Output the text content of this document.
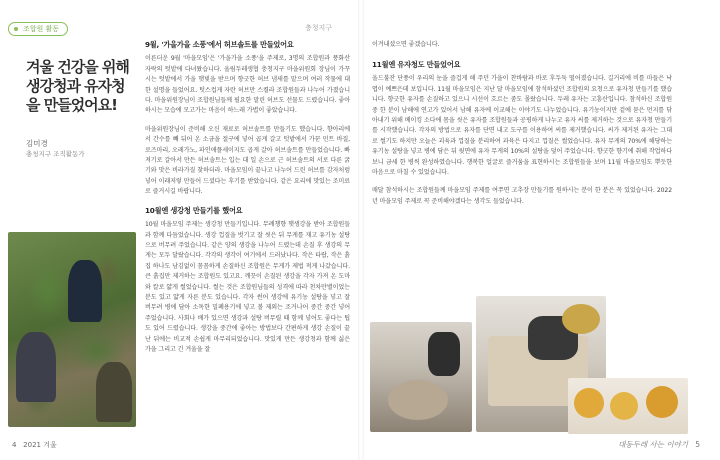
조합원 활동	충청지구
겨울 건강을 위해 생강청과 유자청을 만들었어요!
김미경
충청지구 조직활동가
9월, '가을가을 소풍'에서 허브솔트를 만들었어요

이른더운 9월 '마을모임'은 '가을가을 소풍'을 주제로, 3명의 조합원과 풍화산 자락의 텃밭에 다녀왔습니다. 올림두레생협 충청지구 마을위원회 장님이 가꾸시는 텃밭에서 가을 햇빛을 받으며 향긋한 허브 냄새를 맡으며 여러 작물에 대한 설명을 들었어요. 텃스컵게 자란 허브만 스켤라 조합원들과 나누어 가졌습니다. 마을위원장님이 조합원님들께 필요한 말린 허브도 선물도 드렸습니다. 좋아하시는 모습에 모고가는 마음이 하느래 가볍이 좋았습니다.

마을위원장님이 준비해 오신 재료로 허브솔트를 만들기도 했습니다. 향아리에서 간수를 빼 뒤어 온 소금을 절구에 넣어 곱게 갈고 텃밭에서 가꾼 민트 바질, 로즈마리, 오레가노, 파인애플세이지도 곱게 갈아 허브솔트를 만들었습니다. 빠져기로 갈아서 만든 허브솔트는 입는 대 일 손으로 근 허브솔트의 서로 다른 굵기와 맛은 비라가질 찾하더라. 마을모임이 끝나고 나누어 드린 허브를 감자처럼 넣어 이래저렇 만들어 드셨다는 후기를 받았습니다. 같은 요리에 맛있는 조미료로 즐거시길 바랍니다.

10월엔 생강청 만들기를 했어요

10월 마을모임 주제는 생강청 만들기입니다. 무례챙향 햇생강을 받아 조합원들과 함께 다듬었습니다. 생강 껍질을 벗기고 잘 씻은 뒤 무게를 재고 유기농 설탕으로 버무려 주었습니다. 같은 양의 생강을 나누어 드렸는데 손질 후 생강의 무게는 모두 달랐습니다. 각각의 생각이 여기에서 드러났나다. 작은 타랍, 작은 흙집 하나도 남김없이 꼼꼼하게 손질하신 조합원은 무게가 제법 적게 나갔습니다. 큰 흙집만 제거하는 조합원도 있고요. 깨끗이 손질된 생강을 각자 가져 온 도마와 칼로 얇게 썰었습니다. 썰는 것은 조합원님들의 성격에 따라 천차만별이었는 분도 있고 얇게 자른 분도 있습니다. 각자 썬어 생강에 유기농 설탕을 넣고 잘 버무려 병에 담아 소독한 밀폐용기에 넣고 볼 제외는 조거나어 중간 중간 넣어 주었습니다. 사회나 배가 있으면 생강과 설탕 버무릴 때 함께 넣어도 좋다는 팁도 있어 드렸습니다. 생강을 중간에 좋아는 방법보다 간편하게 생강 손질이 끝난 뒤에는 비교적 손쉽게 마무리되었습니다. 맛있게 만든 생강청과 함께 싫은 가을 그리고 긴 겨울을 잘

4 2021 겨울

이겨내셨으면 좋겠습니다.

11월엔 유자청도 만들었어요

올드불잔 단풍이 우리의 눈을 즐겁게 해 주던 가을이 찬바람과 바로 후두둑 떨어졌습니다. 길거리에 비를 마들은 낙엽이 예쁘은데 보입니다. 11월 마을모임은 지난 달 마을모임에 참석하셨던 조합원의 요청으로 유자청 만들기를 했습니다. 향긋한 유자를 손질하고 있으니 시선이 흐르는 줌도 몰랐습니다. 두레 유자는 고흥산입니다. 참석하신 조합원 중 한 분이 남해에 연고가 있어서 남해 유자에 이교해는 이야기도 나누었습니다. 유기농이지만 겉에 묻은 먼지를 닦아내기 위해 베이킹 소다에 몸을 씻은 유자를 조합원들과 공평하게 나누고 유자 씨를 제거하는 것으로 유자청 만들기를 시작했습니다. 각자의 방법으로 유자를 단면 내고 도구를 이용하여 씨를 제거했습니다. 씨가 제거된 유자는 그대로 썰기도 하지만 오늘은 괴육과 껍질을 분리하여 과육은 다지고 껍질은 썰었습니다. 유자 무게의 70%에 해당하는 유기농 설탕을 넣고 병에 담은 뒤 윗면에 유자 무게의 10%의 설탕을 덮어 주었습니다. 향긋한 향기에 취해 작업하다 보니 금세 한 병씩 완성하였습니다. 행복한 얼굴로 즐거움을 표현하시는 조합원들을 보며 11월 마을모임도 뿌듯한 마음으로 마칠 수 있었습니다.

매달 참석하시는 조합원들께 마을모임 주제를 여쭈면 고추장 만들기를 원하시는 분이 한 분은 꼭 있었습니다. 2022년 마을모임 주제로 꼭 준비해야겠다는 생각도 들었습니다.

대동두레 사는 이야기 5
